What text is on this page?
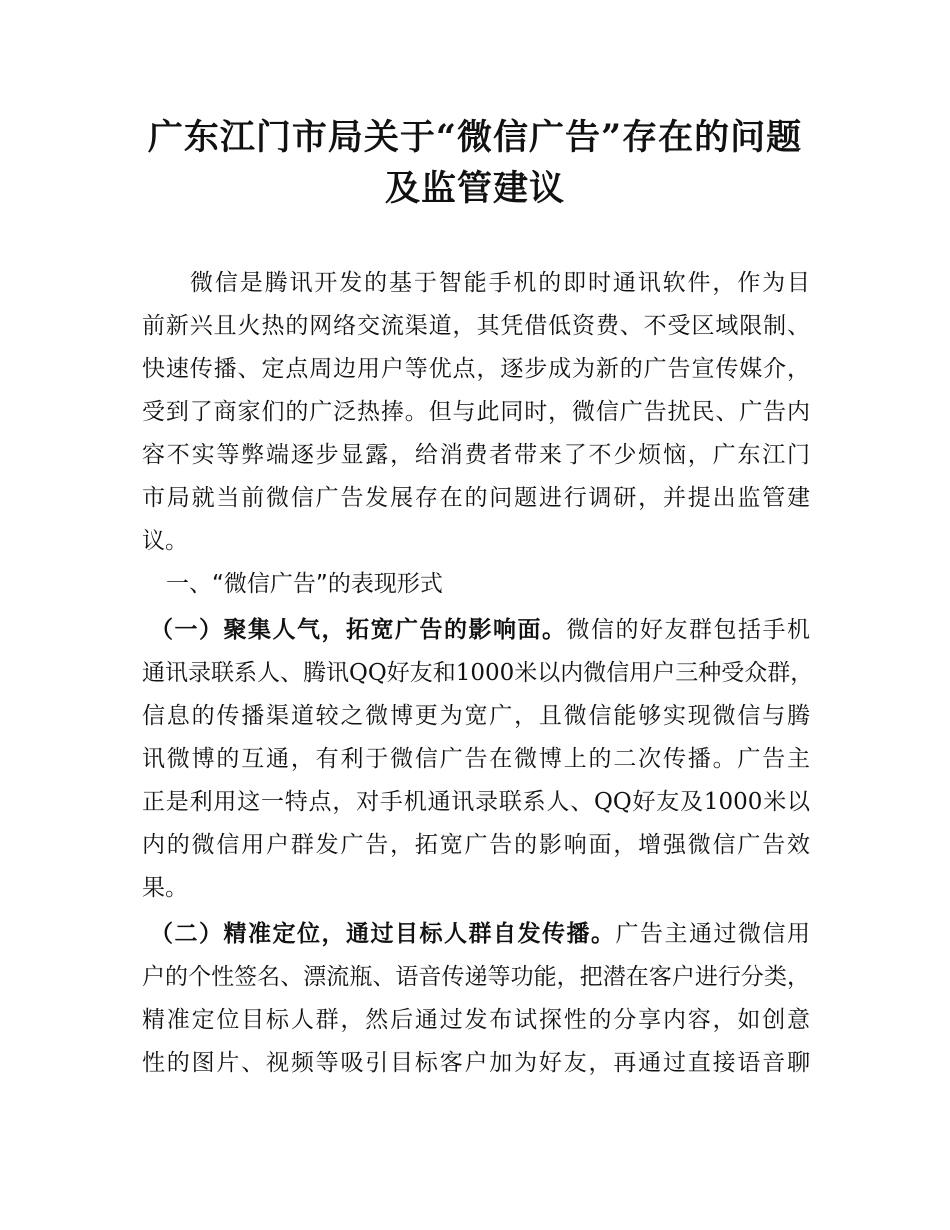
广东江门市局关于“微信广告”存在的问题
及监管建议
微信是腾讯开发的基于智能手机的即时通讯软件，作为目
前新兴且火热的网络交流渠道，其凭借低资费、不受区域限制、
快速传播、定点周边用户等优点，逐步成为新的广告宣传媒介，
受到了商家们的广泛热捧。但与此同时，微信广告扰民、广告内
容不实等弊端逐步显露，给消费者带来了不少烦恼，广东江门
市局就当前微信广告发展存在的问题进行调研，并提出监管建
议。
一、“微信广告”的表现形式
（一）聚集人气，拓宽广告的影响面。微信的好友群包括手机
通讯录联系人、腾讯QQ好友和1000米以内微信用户三种受众群，
信息的传播渠道较之微博更为宽广，且微信能够实现微信与腾
讯微博的互通，有利于微信广告在微博上的二次传播。广告主
正是利用这一特点，对手机通讯录联系人、QQ好友及1000米以
内的微信用户群发广告，拓宽广告的影响面，增强微信广告效
果。
（二）精准定位，通过目标人群自发传播。广告主通过微信用
户的个性签名、漂流瓶、语音传递等功能，把潜在客户进行分类，
精准定位目标人群，然后通过发布试探性的分享内容，如创意
性的图片、视频等吸引目标客户加为好友，再通过直接语音聊
